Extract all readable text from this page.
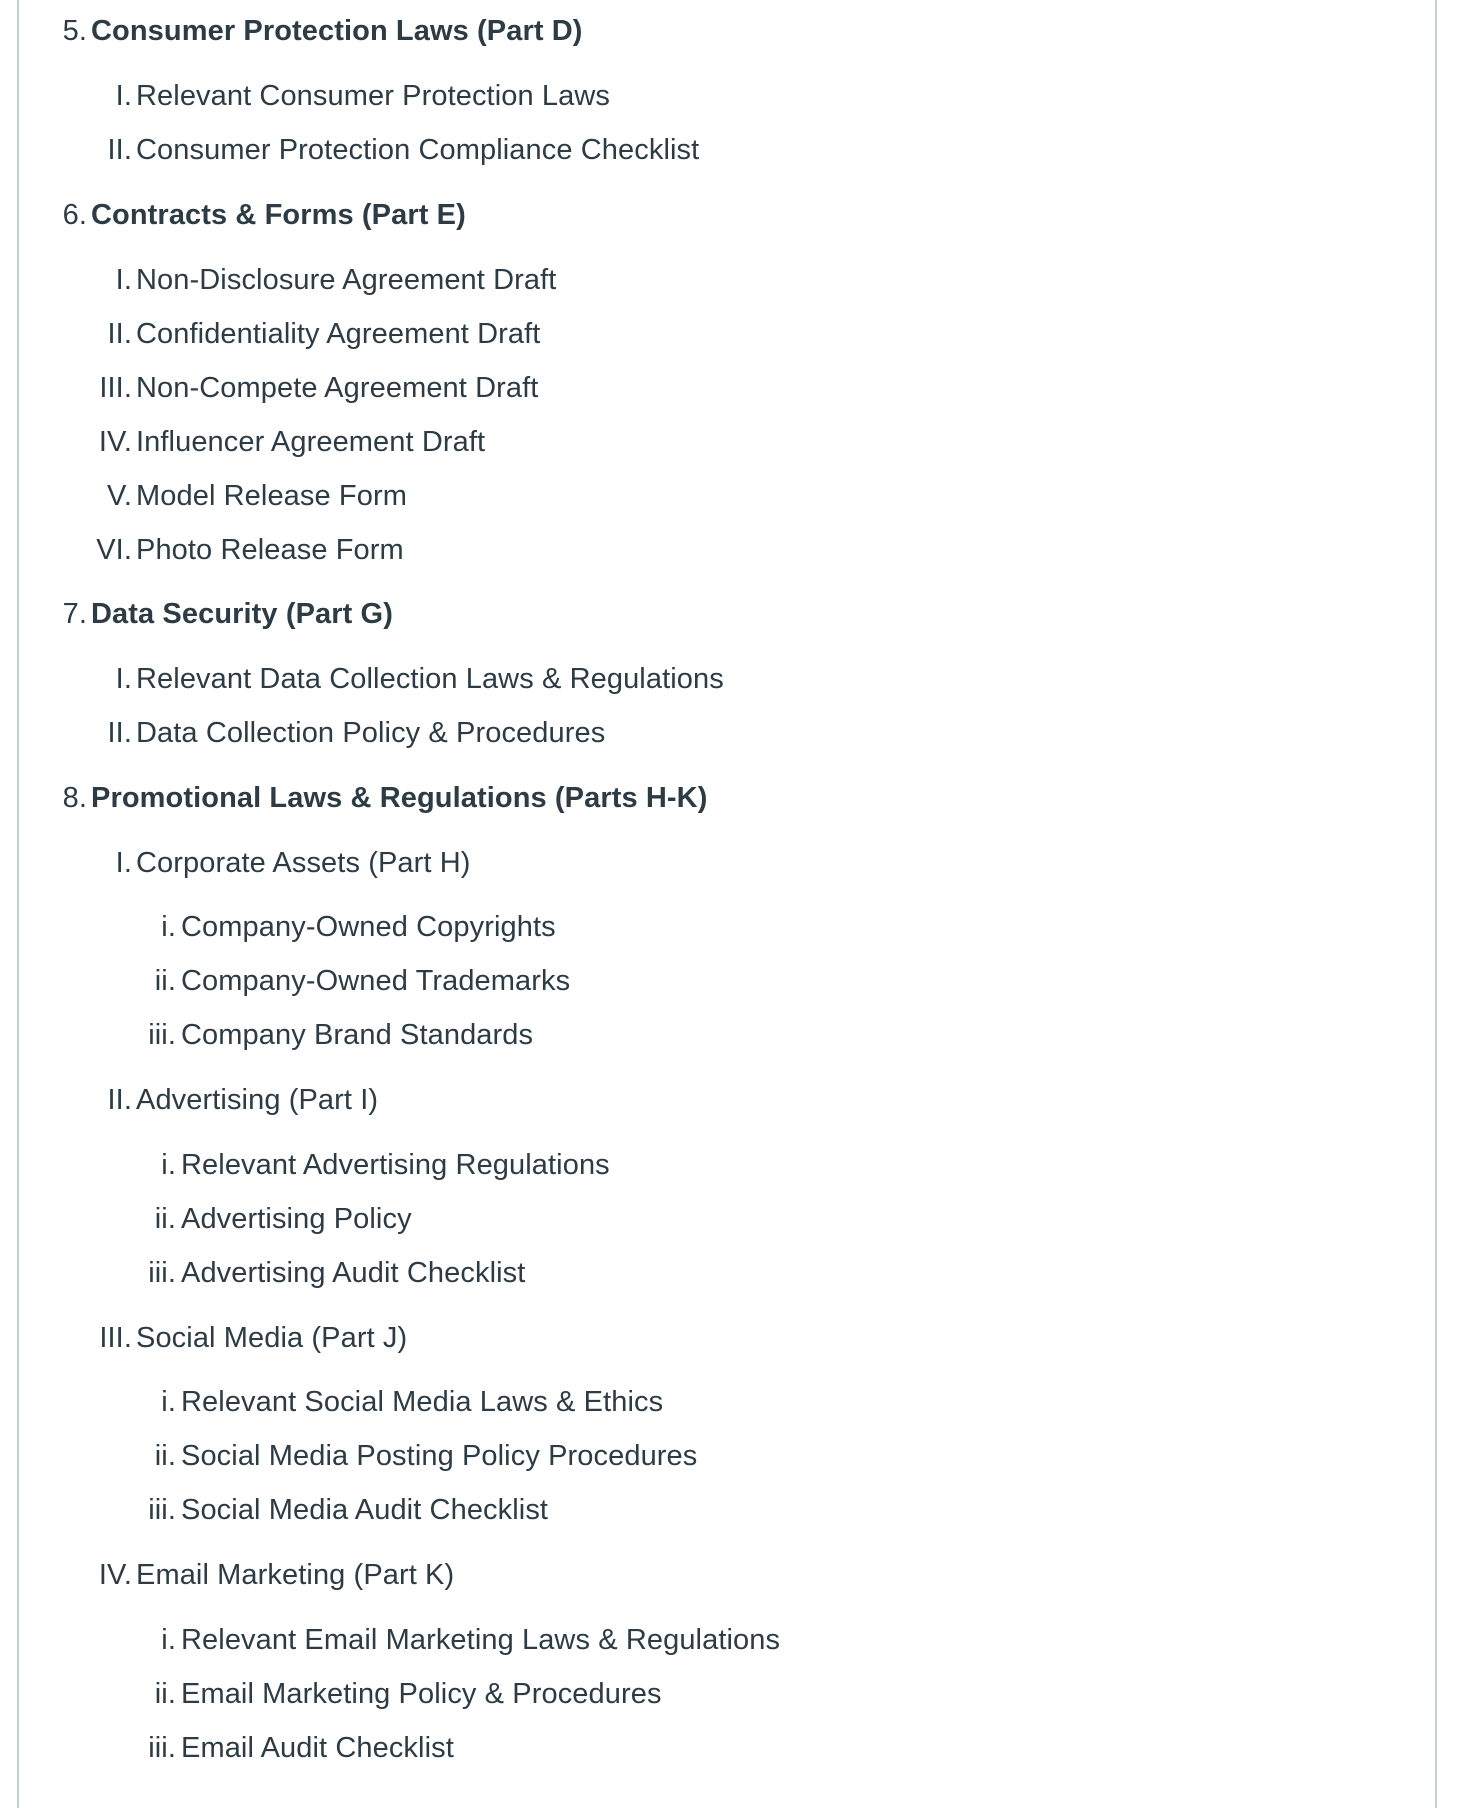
5. Consumer Protection Laws (Part D)
I. Relevant Consumer Protection Laws
II. Consumer Protection Compliance Checklist
6. Contracts & Forms (Part E)
I. Non-Disclosure Agreement Draft
II. Confidentiality Agreement Draft
III. Non-Compete Agreement Draft
IV. Influencer Agreement Draft
V. Model Release Form
VI. Photo Release Form
7. Data Security (Part G)
I. Relevant Data Collection Laws & Regulations
II. Data Collection Policy & Procedures
8. Promotional Laws & Regulations (Parts H-K)
I. Corporate Assets (Part H)
i. Company-Owned Copyrights
ii. Company-Owned Trademarks
iii. Company Brand Standards
II. Advertising (Part I)
i. Relevant Advertising Regulations
ii. Advertising Policy
iii. Advertising Audit Checklist
III. Social Media (Part J)
i. Relevant Social Media Laws & Ethics
ii. Social Media Posting Policy Procedures
iii. Social Media Audit Checklist
IV. Email Marketing (Part K)
i. Relevant Email Marketing Laws & Regulations
ii. Email Marketing Policy & Procedures
iii. Email Audit Checklist
